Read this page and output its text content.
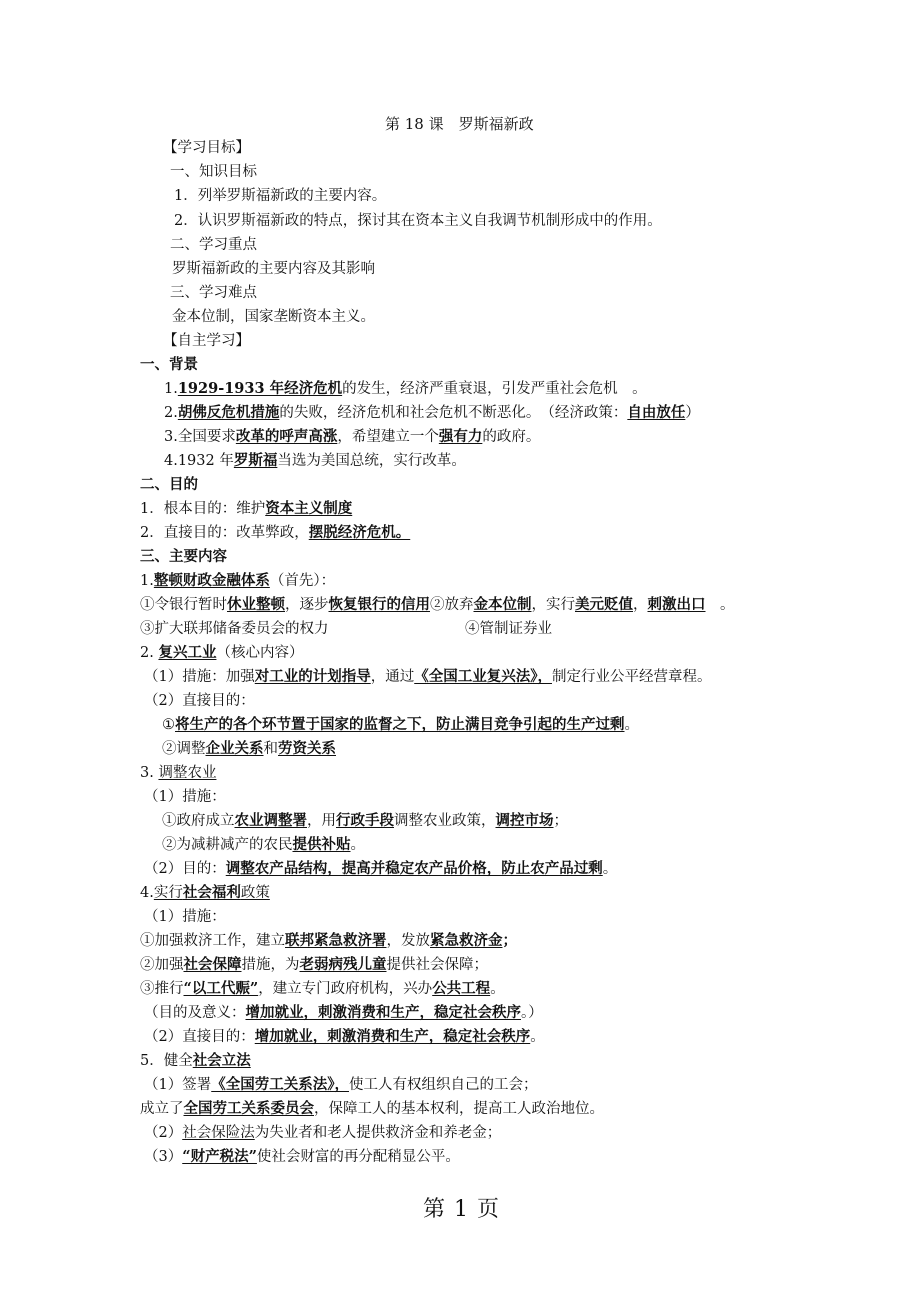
第 18 课　罗斯福新政
【学习目标】
一、知识目标
1．列举罗斯福新政的主要内容。
2．认识罗斯福新政的特点，探讨其在资本主义自我调节机制形成中的作用。
二、学习重点
罗斯福新政的主要内容及其影响
三、学习难点
金本位制，国家垄断资本主义。
【自主学习】
一、背景
1.1929-1933 年经济危机的发生，经济严重衰退，引发严重社会危机　。
2.胡佛反危机措施的失败，经济危机和社会危机不断恶化。　（经济政策：自由放任）
3.全国要求改革的呼声高涨，希望建立一个强有力的政府。
4.1932 年罗斯福当选为美国总统，实行改革。
二、目的
1．根本目的：维护资本主义制度
2．直接目的：改革弊政，摆脱经济危机。
三、主要内容
1.整顿财政金融体系（首先）：
①令银行暂时休业整顿，逐步恢复银行的信用②放弃金本位制，实行美元贬值，刺激出口　。
③扩大联邦储备委员会的权力	④管制证券业
2. 复兴工业（核心内容）
（1）措施：加强对工业的计划指导，通过《全国工业复兴法》，制定行业公平经营章程。
（2）直接目的：
①将生产的各个环节置于国家的监督之下，防止满目竞争引起的生产过剩。
②调整企业关系和劳资关系
3. 调整农业
（1）措施：
①政府成立农业调整署，用行政手段调整农业政策，调控市场；
②为减耕减产的农民提供补贴。
（2）目的：调整农产品结构，提高并稳定农产品价格，防止农产品过剩。
4.实行社会福利政策
（1）措施：
①加强救济工作，建立联邦紧急救济署，发放紧急救济金；
②加强社会保障措施，为老弱病残儿童提供社会保障；
③推行“以工代赈”，建立专门政府机构，兴办公共工程。
（目的及意义：增加就业，刺激消费和生产，稳定社会秩序。）
（2）直接目的：增加就业，刺激消费和生产，稳定社会秩序。
5．健全社会立法
（1）签署《全国劳工关系法》，使工人有权组织自己的工会；
成立了全国劳工关系委员会，保障工人的基本权利，提高工人政治地位。
（2）社会保险法为失业者和老人提供救济金和养老金；
（3）“财产税法”使社会财富的再分配稍显公平。
第 1 页
